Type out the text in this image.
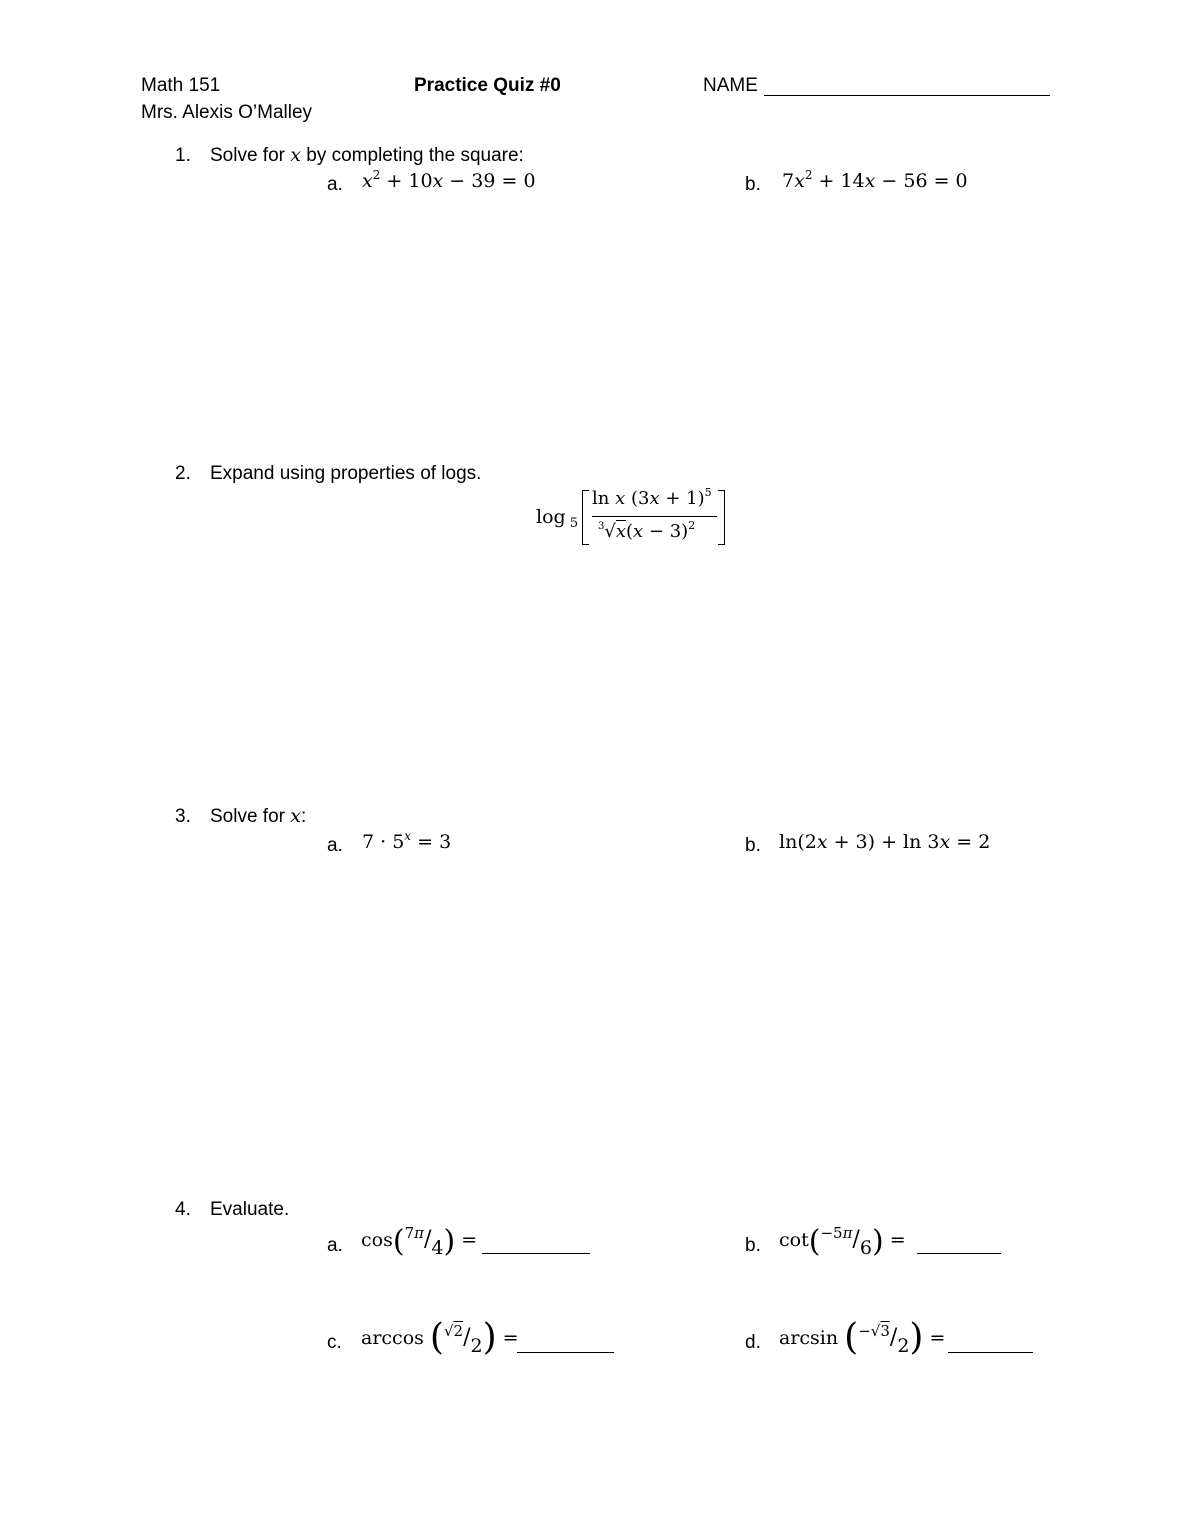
Math 151
Mrs. Alexis O’Malley
Practice Quiz #0	NAME
1. Solve for x by completing the square:
a. $x^2 + 10x - 39 = 0$	b. $7x^2 + 14x - 56 = 0$
2. Expand using properties of logs.
log $_5$
ln x $(3x + 1)^5$
$^3√x(x - 3)^2$
3. Solve for x:
a. $7 \cdot 5^x = 3$	b. ln(2x + 3) + ln 3x = 2
4. Evaluate.
a. cos($^{7\pi}$/4) =	b. cot($^{-5\pi}$/6) =
c. arccos ($^{√2}$/2) =	d. arcsin ($^{-√3}$/2) =
